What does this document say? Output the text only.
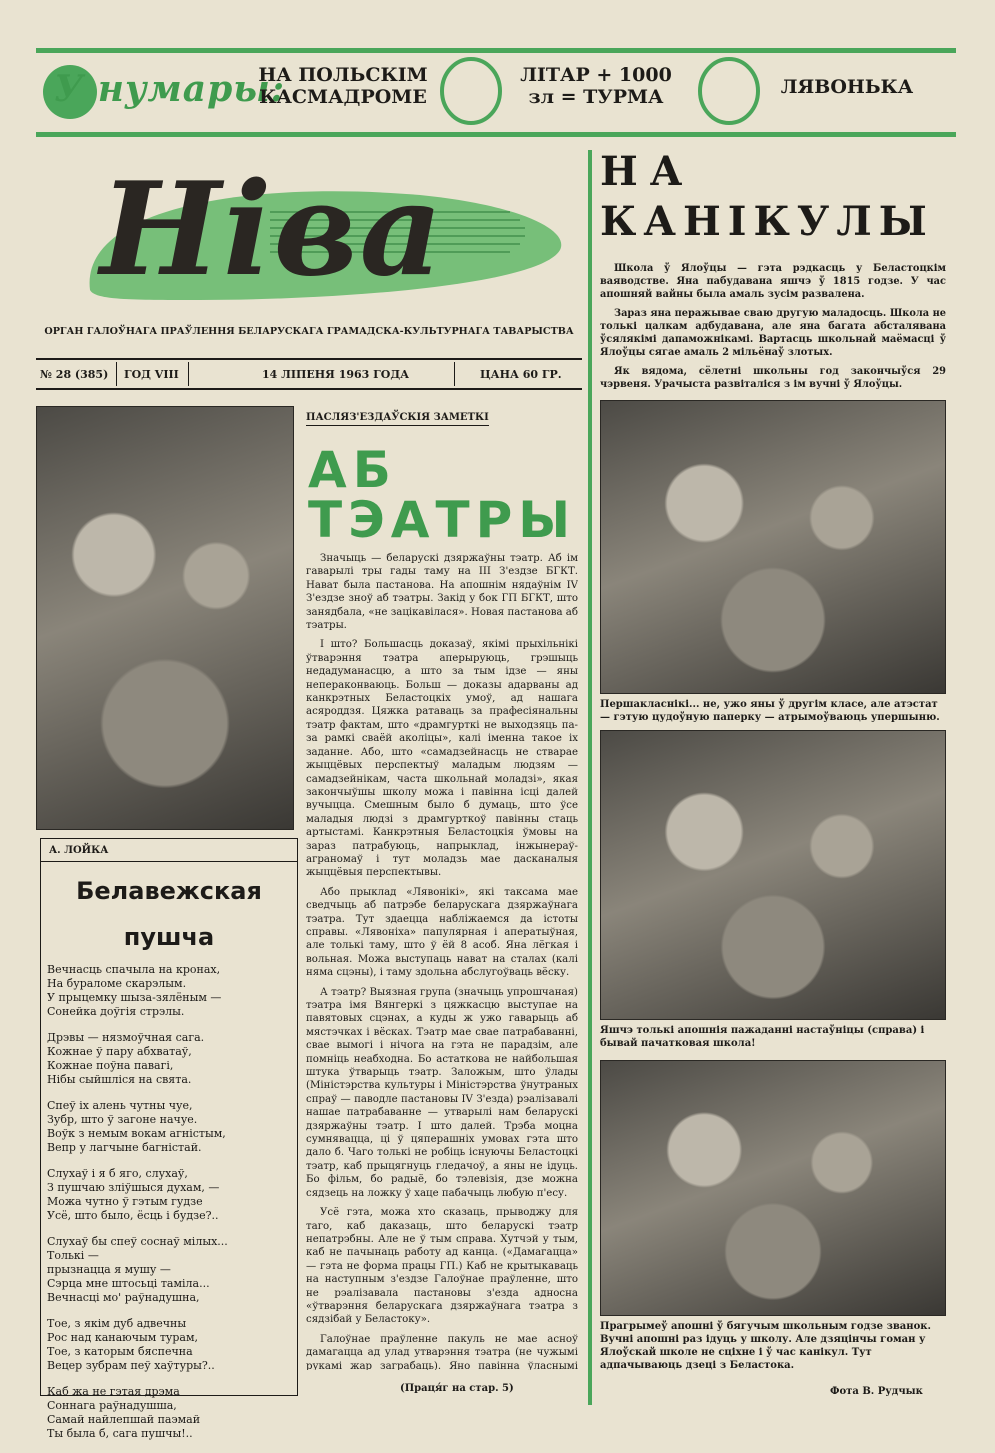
У нумары:
НА ПОЛЬСКІМ КАСМАДРОМЕ
ЛІТАР + 1000 зл = ТУРМА	ЛЯВОНЬКА
Ніва
ОРГАН ГАЛОЎНАГА ПРАЎЛЕННЯ БЕЛАРУСКАГА ГРАМАДСКА-КУЛЬТУРНАГА ТАВАРЫСТВА
№ 28 (385) ГОД VIII	14 ЛІПЕНЯ 1963 ГОДА	ЦАНА 60 ГР.
А. ЛОЙКА
Белавежская
пушча

Вечнасць спачыла на кронах,
На бураломе скарэлым.
У прыцемку шыза-зялёным —
Сонейка доўгія стрэлы.

Дрэвы — нязмоўчная сага.
Кожнае ў пару абхватаў,
Кожнае поўна павагі,
Нібы сыйшліся на свята.

Спеў іх алень чутны чуе,
Зубр, што ў загоне начуе.
Воўк з немым вокам агністым,
Вепр у лагчыне багністай.

Слухаў і я б яго, слухаў,
З пушчаю зліўшыся духам, —
Можа чутно ў гэтым гудзе
Усё, што было, ёсць і будзе?..

Слухаў бы спеў соснаў мілых...
Толькі —
прызнацца я мушу —
Сэрца мне штосьці таміла...
Вечнасці мо' раўнадушна,

Тое, з якім дуб адвечны
Рос над канаючым турам,
Тое, з каторым бяспечна
Вецер зубрам пеў хаўтуры?..

Каб жа не гэтая дрэма
Соннага раўнадушша,
Самай найлепшай паэмай
Ты была б, сага пушчы!..

ПАСЛЯЗ'ЕЗДАЎСКІЯ ЗАМЕТКІ
АБ
ТЭАТРЫ

Значыць — беларускі дзяржаўны тэатр. Аб ім гаварылі тры гады таму на III З'ездзе БГКТ. Нават была пастанова. На апошнім нядаўнім IV З'ездзе зноў аб тэатры. Закід у бок ГП БГКТ, што занядбала, «не зацікавілася». Новая пастанова аб тэатры.

І што? Большасць доказаў, якімі прыхільнікі ўтварэння тэатра аперыруюць, грэшыць недадуманасцю, а што за тым ідзе — яны непераконваюць. Больш — доказы адарваны ад канкрэтных Беластоцкіх умоў, ад нашага асяроддзя. Цяжка ратаваць за прафесіянальны тэатр фактам, што «драмгурткі не выходзяць па-за рамкі сваёй аколіцы», калі іменна такое іх заданне. Або, што «самадзейнасць не стварае жыццёвых перспектыў маладым людзям — самадзейнікам, часта школьнай моладзі», якая закончыўшы школу можа і павінна ісці далей вучыцца. Смешным было б думаць, што ўсе маладыя людзі з драмгурткоў павінны стаць артыстамі. Канкрэтныя Беластоцкія ўмовы на зараз патрабуюць, напрыклад, інжынераў-аграномаў і тут моладзь мае дасканалыя жыццёвыя перспектывы.

Або прыклад «Лявонікі», які таксама мае сведчыць аб патрэбе беларускага дзяржаўнага тэатра. Тут здаецца набліжаемся да істоты справы. «Лявоніха» папулярная і аператыўная, але толькі таму, што ў ёй 8 асоб. Яна лёгкая і вольная. Можа выступаць нават на сталах (калі няма сцэны), і таму здольна абслугоўваць вёску.

А тэатр? Выязная група (значыць упрошчаная) тэатра імя Вянгеркі з цяжкасцю выступае на павятовых сцэнах, а куды ж ужо гаварыць аб мястэчках і вёсках. Тэатр мае свае патрабаванні, свае вымогі і нічога на гэта не парадзім, але помніць неабходна. Бо астаткова не найбольшая штука ўтварыць тэатр. Заложым, што ўлады (Міністэрства культуры і Міністэрства ўнутраных спраў — паводле пастановы IV З'езда) рэалізавалі нашае патрабаванне — утварылі нам беларускі дзяржаўны тэатр. І што далей. Трэба моцна сумнявацца, ці ў цяперашніх умовах гэта што дало б. Чаго толькі не робіць існуючы Беластоцкі тэатр, каб прыцягнуць гледачоў, а яны не ідуць. Бо фільм, бо радыё, бо тэлевізія, дзе можна сядзець на ложку ў хаце пабачыць любую п'есу.

Усё гэта, можа хто сказаць, прыводжу для таго, каб даказаць, што беларускі тэатр непатрэбны. Але не ў тым справа. Хутчэй у тым, каб не пачынаць работу ад канца. («Дамагацца» — гэта не форма працы ГП.) Каб не крытыкаваць на наступным з'ездзе Галоўнае праўленне, што не рэалізавала пастановы з'езда адносна «ўтварэння беларускага дзяржаўнага тэатра з сядзібай у Беластоку».

Галоўнае праўленне пакуль не мае асноў дамагацца ад улад утварэння тэатра (не чужымі рукамі жар заграбаць). Яно павінна ўласнымі

(Праця́г на стар. 5)
НА
КАНІКУЛЫ

Школа ў Ялоўцы — гэта рэдкасць у Беластоцкім ваяводстве. Яна пабудавана яшчэ ў 1815 годзе. У час апошняй вайны была амаль зусім развалена.

Зараз яна перажывае сваю другую маладосць. Школа не толькі цалкам адбудавана, але яна багата абсталявана ўсялякімі дапаможнікамі. Вартасць школьнай маёмасці ў Ялоўцы сягае амаль 2 мільёнаў злотых.

Як вядома, сёлетні школьны год закончыўся 29 чэрвеня. Урачыста развіталіся з ім вучні ў Ялоўцы.

Першакласнікі... не, ужо яны ў другім класе, але атэстат — гэтую цудоўную паперку — атрымоўваюць упершыню.
Яшчэ толькі апошнія пажаданні настаўніцы (справа) і бывай пачатковая школа!
Прагрымеў апошні ў бягучым школьным годзе званок. Вучні апошні раз ідуць у школу. Але дзяцінчы гоман у Ялоўскай школе не сціхне і ў час канікул. Тут адпачываюць дзеці з Беластока.
Фота В. Рудчык
